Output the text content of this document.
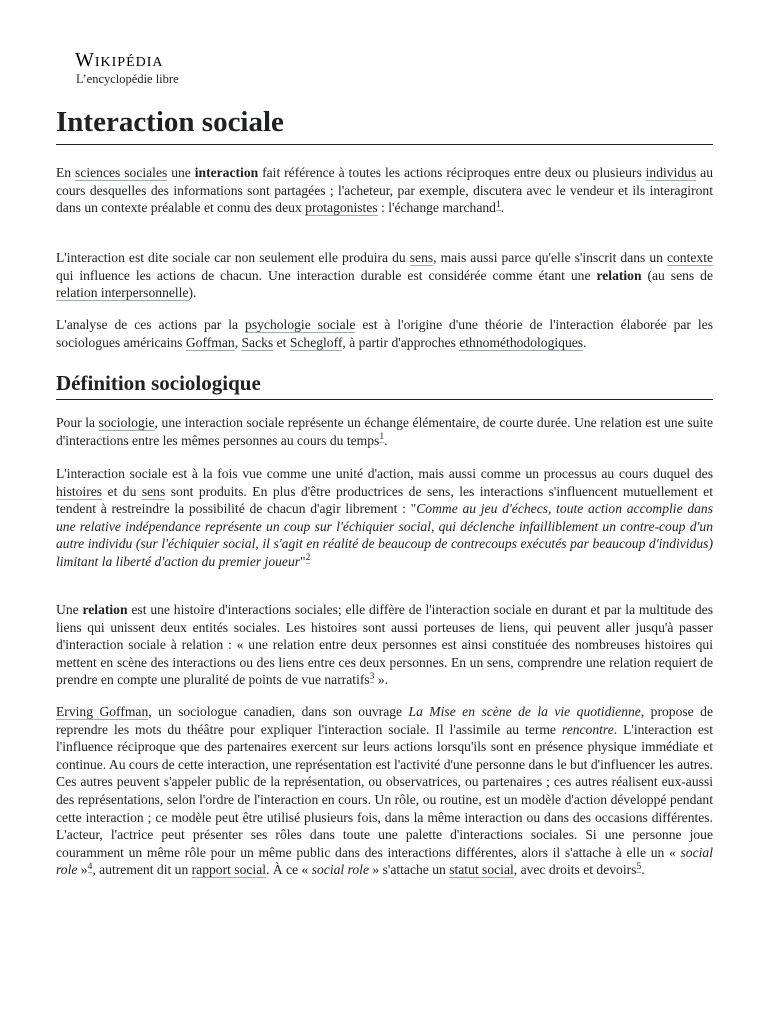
Wikipédia
L’encyclopédie libre
Interaction sociale

En sciences sociales une interaction fait référence à toutes les actions réciproques entre deux ou plusieurs individus au cours desquelles des informations sont partagées ; l'acheteur, par exemple, discutera avec le vendeur et ils interagiront dans un contexte préalable et connu des deux protagonistes : l'échange marchand$^1$.

L'interaction est dite sociale car non seulement elle produira du sens, mais aussi parce qu'elle s'inscrit dans un contexte qui influence les actions de chacun. Une interaction durable est considérée comme étant une relation (au sens de relation interpersonnelle).

L'analyse de ces actions par la psychologie sociale est à l'origine d'une théorie de l'interaction élaborée par les sociologues américains Goffman, Sacks et Schegloff, à partir d'approches ethnométhodologiques.

Définition sociologique

Pour la sociologie, une interaction sociale représente un échange élémentaire, de courte durée. Une relation est une suite d'interactions entre les mêmes personnes au cours du temps$^1$.

L'interaction sociale est à la fois vue comme une unité d'action, mais aussi comme un processus au cours duquel des histoires et du sens sont produits. En plus d'être productrices de sens, les interactions s'influencent mutuellement et tendent à restreindre la possibilité de chacun d'agir librement : "Comme au jeu d'échecs, toute action accomplie dans une relative indépendance représente un coup sur l'échiquier social, qui déclenche infailliblement un contre-coup d'un autre individu (sur l'échiquier social, il s'agit en réalité de beaucoup de contrecoups exécutés par beaucoup d'individus) limitant la liberté d'action du premier joueur"$^2$

Une relation est une histoire d'interactions sociales; elle diffère de l'interaction sociale en durant et par la multitude des liens qui unissent deux entités sociales. Les histoires sont aussi porteuses de liens, qui peuvent aller jusqu'à passer d'interaction sociale à relation : « une relation entre deux personnes est ainsi constituée des nombreuses histoires qui mettent en scène des interactions ou des liens entre ces deux personnes. En un sens, comprendre une relation requiert de prendre en compte une pluralité de points de vue narratifs$^3$ ».

Erving Goffman, un sociologue canadien, dans son ouvrage La Mise en scène de la vie quotidienne, propose de reprendre les mots du théâtre pour expliquer l'interaction sociale. Il l'assimile au terme rencontre. L'interaction est l'influence réciproque que des partenaires exercent sur leurs actions lorsqu'ils sont en présence physique immédiate et continue. Au cours de cette interaction, une représentation est l'activité d'une personne dans le but d'influencer les autres. Ces autres peuvent s'appeler public de la représentation, ou observatrices, ou partenaires ; ces autres réalisent eux-aussi des représentations, selon l'ordre de l'interaction en cours. Un rôle, ou routine, est un modèle d'action développé pendant cette interaction ; ce modèle peut être utilisé plusieurs fois, dans la même interaction ou dans des occasions différentes. L'acteur, l'actrice peut présenter ses rôles dans toute une palette d'interactions sociales. Si une personne joue couramment un même rôle pour un même public dans des interactions différentes, alors il s'attache à elle un « social role »$^4$, autrement dit un rapport social. À ce « social role » s'attache un statut social, avec droits et devoirs$^5$.
